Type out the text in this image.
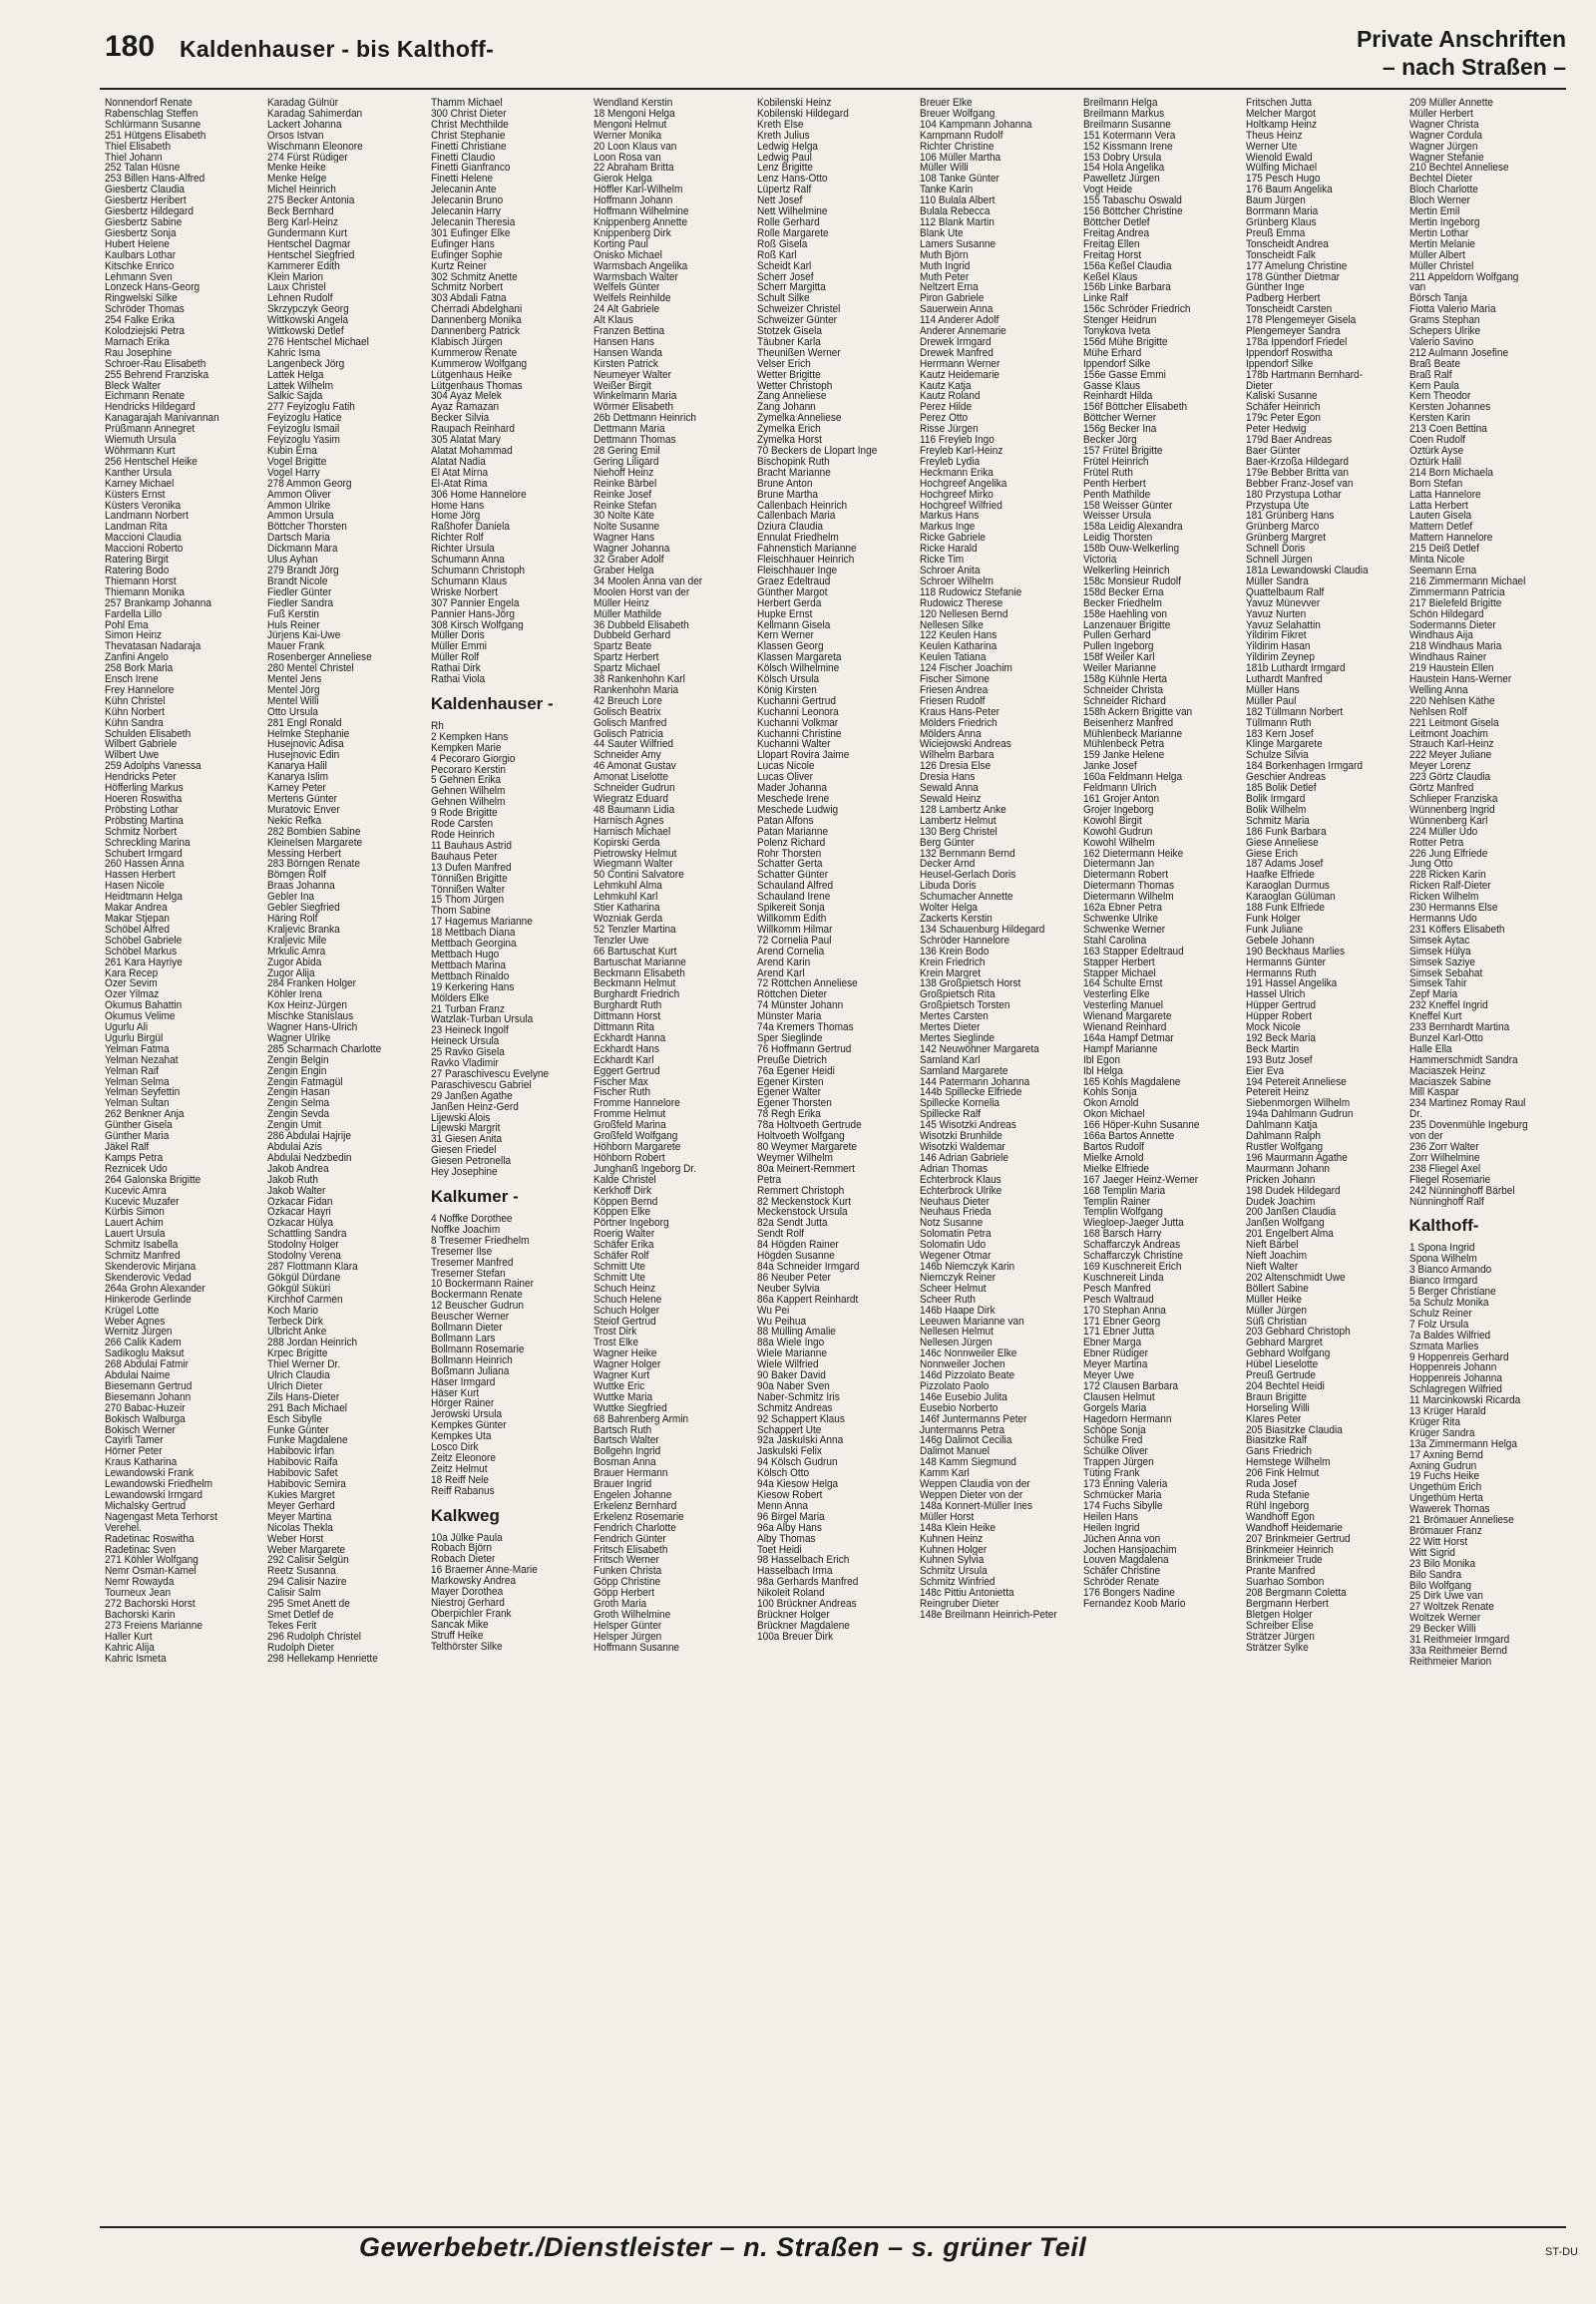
180 Kaldenhauser - bis Kalthoff-	Private Anschriften
– nach Straßen –
Nonnendorf Renate
Rabenschlag Steffen
Schlürmann Susanne
251 Hütgens Elisabeth
Thiel Elisabeth
Thiel Johann
252 Talan Hüsne
253 Billen Hans-Alfred
Giesbertz Claudia
Giesbertz Heribert
Giesbertz Hildegard
Giesbertz Sabine
Giesbertz Sonja
Hubert Helene
Kaulbars Lothar
Kitschke Enrico
Lehmann Sven
Lonzeck Hans-Georg
Ringwelski Silke
Schröder Thomas
254 Falke Erika
Kolodziejski Petra
Marnach Erika
Rau Josephine
Schroer-Rau Elisabeth
255 Behrend Franziska
Bleck Walter
Eichmann Renate
Hendricks Hildegard
Kanagarajah Manivannan
Prüßmann Annegret
Wiemuth Ursula
Wöhrmann Kurt
256 Hentschel Heike
Kanther Ursula
Karney Michael
Küsters Ernst
Küsters Veronika
Landmann Norbert
Landman Rita
Maccioni Claudia
Maccioni Roberto
Ratering Birgit
Ratering Bodo
Thiemann Horst
Thiemann Monika
257 Brankamp Johanna
Fardella Lillo
Pohl Ema
Simon Heinz
Thevatasan Nadaraja
Zanfini Angelo
258 Bork Maria
Ensch Irene
Frey Hannelore
Kühn Christel
Kühn Norbert
Kühn Sandra
Schulden Elisabeth
Wilbert Gabriele
Wilbert Uwe
259 Adolphs Vanessa
Hendricks Peter
Höfferling Markus
Hoeren Roswitha
Pröbsting Lothar
Pröbsting Martina
Schmitz Norbert
Schreckling Marina
Schubert Irmgard
260 Hassen Anna
Hassen Herbert
Hasen Nicole
Heidtmann Helga
Makar Andrea
Makar Stjepan
Schöbel Alfred
Schöbel Gabriele
Schöbel Markus
261 Kara Hayriye
Kara Recep
Özer Sevim
Özer Yilmaz
Okumus Bahattin
Okumus Velime
Ugurlu Ali
Ugurlu Birgül
Yelman Fatma
Yelman Nezahat
Yelman Raif
Yelman Selma
Yelman Seyfettin
Yelman Sultan
262 Benkner Anja
Günther Gisela
Günther Maria
Jäkel Ralf
Kamps Petra
Reznicek Udo
264 Galonska Brigitte
Kucevic Amra
Kucevic Muzafer
Kürbis Simon
Lauert Achim
Lauert Ursula
Schmitz Isabella
Schmitz Manfred
Skenderovic Mirjana
Skenderovic Vedad
264a Grohn Alexander
Hinkerode Gerlinde
Krügel Lotte
Weber Agnes
Wernitz Jürgen
266 Calik Kadem
Sadikoglu Maksut
268 Abdulai Fatmir
Abdulai Naime
Biesemann Gertrud
Biesemann Johann
270 Babac-Huzeir
Bokisch Walburga
Bokisch Werner
Cayirli Tamer
Hörner Peter
Kraus Katharina
Lewandowski Frank
Lewandowski Friedhelm
Lewandowski Irmgard
Michalsky Gertrud
Nagengast Meta Terhorst
Verehel.
Radetinac Roswitha
Radetinac Sven
271 Köhler Wolfgang
Nemr Osman-Kamel
Nemr Rowayda
Tourneux Jean
272 Bachorski Horst
Bachorski Karin
273 Freiens Marianne
Haller Kurt
Kahric Alija
Kahric Ismeta
Karadag Gülnür
Karadag Sahimerdan
Lackert Johanna
Orsos Istvan
Wischmann Eleonore
274 Fürst Rüdiger
Menke Heike
Menke Helge
Michel Heinrich
275 Becker Antonia
Beck Bernhard
Berg Karl-Heinz
Gundermann Kurt
Hentschel Dagmar
Hentschel Siegfried
Kammerer Edith
Klein Marion
Laux Christel
Lehnen Rudolf
Skrzypczyk Georg
Wittkowski Angela
Wittkowski Detlef
276 Hentschel Michael
Kahric Isma
Langenbeck Jörg
Lattek Helga
Lattek Wilhelm
Salkic Sajda
277 Feyizoglu Fatih
Feyizoglu Hatice
Feyizoglu Ismail
Feyizoglu Yasim
Kubin Erna
Vogel Brigitte
Vogel Harry
278 Ammon Georg
Ammon Oliver
Ammon Ulrike
Ammon Ursula
Böttcher Thorsten
Dartsch Maria
Dickmann Mara
Ulus Ayhan
279 Brandt Jörg
Brandt Nicole
Fiedler Günter
Fiedler Sandra
Fuß Kerstin
Huls Reiner
Jürjens Kai-Uwe
Mauer Frank
Rosenberger Anneliese
280 Mentel Christel
Mentel Jens
Mentel Jörg
Mentel Willi
Otto Ursula
281 Engl Ronald
Helmke Stephanie
Husejnovic Adisa
Husejnovic Edin
Kanarya Halil
Kanarya Islim
Karney Peter
Mertens Günter
Muratovic Enver
Nekic Refka
282 Bombien Sabine
Kleinelsen Margarete
Messing Herbert
283 Börngen Renate
Börngen Rolf
Braas Johanna
Gebler Ina
Gebler Siegfried
Häring Rolf
Kraljevic Branka
Kraljevic Mile
Mrkulic Amra
Zugor Abida
Zugor Alija
284 Franken Holger
Köhler Irena
Kox Heinz-Jürgen
Mischke Stanislaus
Wagner Hans-Ulrich
Wagner Ulrike
285 Scharmach Charlotte
Zengin Belgin
Zengin Engin
Zengin Fatmagül
Zengin Hasan
Zengin Selma
Zengin Sevda
Zengin Ümit
286 Abdulai Hajrije
Abdulai Azis
Abdulai Nedzbedin
Jakob Andrea
Jakob Ruth
Jakob Walter
Özkacar Fidan
Özkacar Hayri
Özkacar Hülya
Schattling Sandra
Stodolny Holger
Stodolny Verena
287 Flottmann Klara
Gökgül Dürdane
Gökgül Süküri
Kirchhof Carmen
Koch Mario
Terbeck Dirk
Ulbricht Anke
288 Jordan Heinrich
Krpec Brigitte
Thiel Werner Dr.
Ulrich Claudia
Ulrich Dieter
Zils Hans-Dieter
291 Bach Michael
Esch Sibylle
Funke Günter
Funke Magdalene
Habibovic Irfan
Habibovic Raifa
Habibovic Safet
Habibovic Semira
Kukies Margret
Meyer Gerhard
Meyer Martina
Nicolas Thekla
Weber Horst
Weber Margarete
292 Calisir Selgün
Reetz Susanna
294 Calisir Nazire
Calisir Salm
295 Smet Anett de
Smet Detlef de
Tekes Ferit
296 Rudolph Christel
Rudolph Dieter
298 Hellekamp Henriette
Thamm Michael
300 Christ Dieter
Christ Mechthilde
Christ Stephanie
Finetti Christiane
Finetti Claudio
Finetti Gianfranco
Finetti Helene
Jelecanin Ante
Jelecanin Bruno
Jelecanin Harry
Jelecanin Theresia
301 Eufinger Elke
Eufinger Hans
Eufinger Sophie
Kurtz Reiner
302 Schmitz Anette
Schmitz Norbert
303 Abdali Fatna
Cherradi Abdelghani
Dannenberg Monika
Dannenberg Patrick
Klabisch Jürgen
Kummerow Renate
Kummerow Wolfgang
Lütgenhaus Heike
Lütgenhaus Thomas
304 Ayaz Melek
Ayaz Ramazan
Becker Silvia
Raupach Reinhard
305 Alatat Mary
Alatat Mohammad
Alatat Nadia
El Atat Mirna
El-Atat Rima
306 Home Hannelore
Home Hans
Home Jörg
Raßhofer Daniela
Richter Rolf
Richter Ursula
Schumann Anna
Schumann Christoph
Schumann Klaus
Wriske Norbert
307 Pannier Engela
Pannier Hans-Jörg
308 Kirsch Wolfgang
Müller Doris
Müller Emmi
Müller Rolf
Rathai Dirk
Rathai Viola
Kaldenhauser -
Rh
2 Kempken Hans
Kempken Marie
4 Pecoraro Giorgio
Pecoraro Kerstin
5 Gehnen Erika
Gehnen Wilhelm
Gehnen Wilhelm
9 Rode Brigitte
Rode Carsten
Rode Heinrich
11 Bauhaus Astrid
Bauhaus Peter
13 Dufen Manfred
Tönnißen Brigitte
Tönnißen Walter
15 Thom Jürgen
Thom Sabine
17 Hagemus Marianne
18 Mettbach Diana
Mettbach Georgina
Mettbach Hugo
Mettbach Marina
Mettbach Rinaldo
19 Kerkering Hans
Mölders Elke
21 Turban Franz
Watzlak-Turban Ursula
23 Heineck Ingolf
Heineck Ursula
25 Ravko Gisela
Ravko Vladimir
27 Paraschivescu Evelyne
Paraschivescu Gabriel
29 Janßen Agathe
Janßen Heinz-Gerd
Lijewski Alois
Lijewski Margrit
31 Giesen Anita
Giesen Friedel
Giesen Petronella
Hey Josephine
Kalkumer -
4 Noffke Dorothee
Noffke Joachim
8 Tresemer Friedhelm
Tresemer Ilse
Tresemer Manfred
Tresemer Stefan
10 Bockermann Rainer
Bockermann Renate
12 Beuscher Gudrun
Beuscher Werner
Bollmann Dieter
Bollmann Lars
Bollmann Rosemarie
Bollmann Heinrich
Boßmann Juliana
Häser Irmgard
Häser Kurt
Hörger Rainer
Jerowski Ursula
Kempkes Günter
Kempkes Uta
Losco Dirk
Zeitz Eleonore
Zeitz Helmut
18 Reiff Nele
Reiff Rabanus
Kalkweg
10a Jülke Paula
Robach Björn
Robach Dieter
16 Braemer Anne-Marie
Markowsky Andrea
Mayer Dorothea
Niestroj Gerhard
Oberpichler Frank
Sancak Mike
Struff Heike
Telthörster Silke
Wendland Kerstin
18 Mengoni Helga
Mengoni Helmut
Werner Monika
20 Loon Klaus van
Loon Rosa van
22 Abraham Britta
Gierok Helga
Höffler Karl-Wilhelm
Hoffmann Johann
Hoffmann Wilhelmine
Knippenberg Annette
Knippenberg Dirk
Korting Paul
Onisko Michael
Warmsbach Angelika
Warmsbach Walter
Welfels Günter
Welfels Reinhilde
24 Alt Gabriele
Alt Klaus
Franzen Bettina
Hansen Hans
Hansen Wanda
Kirsten Patrick
Neumeyer Walter
Weißer Birgit
Winkelmann Maria
Wörmer Elisabeth
26b Dettmann Heinrich
Dettmann Maria
Dettmann Thomas
28 Gering Emil
Gering Liligard
Niehoff Heinz
Reinke Bärbel
Reinke Josef
Reinke Stefan
30 Nolte Käte
Nolte Susanne
Wagner Hans
Wagner Johanna
32 Graber Adolf
Graber Helga
34 Moolen Anna van der
Moolen Horst van der
Müller Heinz
Müller Mathilde
36 Dubbeld Elisabeth
Dubbeld Gerhard
Spartz Beate
Spartz Herbert
Spartz Michael
38 Rankenhohn Karl
Rankenhohn Maria
42 Breuch Lore
Golisch Beatrix
Golisch Manfred
Golisch Patricia
44 Sauter Wilfried
Schneider Amy
46 Amonat Gustav
Amonat Liselotte
Schneider Gudrun
Wiegratz Eduard
48 Baumann Lidia
Harnisch Agnes
Harnisch Michael
Kopirski Gerda
Pietrowsky Helmut
Wiegmann Walter
50 Contini Salvatore
Lehmkuhl Alma
Lehmkuhl Karl
Stier Katharina
Wozniak Gerda
52 Tenzler Martina
Tenzler Uwe
66 Bartuschat Kurt
Bartuschat Marianne
Beckmann Elisabeth
Beckmann Helmut
Burghardt Friedrich
Burghardt Ruth
Dittmann Horst
Dittmann Rita
Eckhardt Hanna
Eckhardt Hans
Eckhardt Karl
Eggert Gertrud
Fischer Max
Fischer Ruth
Fromme Hannelore
Fromme Helmut
Großfeld Marina
Großfeld Wolfgang
Höhborn Margarete
Höhborn Robert
Junghanß Ingeborg Dr.
Kalde Christel
Kerkhoff Dirk
Köppen Bernd
Köppen Elke
Pörtner Ingeborg
Roerig Walter
Schäfer Erika
Schäfer Rolf
Schmitt Ute
Schmitt Ute
Schuch Heinz
Schuch Helene
Schuch Holger
Steiof Gertrud
Trost Dirk
Trost Elke
Wagner Heike
Wagner Holger
Wagner Kurt
Wuttke Eric
Wuttke Maria
Wuttke Siegfried
68 Bahrenberg Armin
Bartsch Ruth
Bartsch Walter
Bollgehn Ingrid
Bosman Anna
Brauer Hermann
Brauer Ingrid
Engelen Johanne
Erkelenz Bernhard
Erkelenz Rosemarie
Fendrich Charlotte
Fendrich Günter
Fritsch Elisabeth
Fritsch Werner
Funken Christa
Göpp Christine
Göpp Herbert
Groth Maria
Groth Wilhelmine
Helsper Günter
Helsper Jürgen
Hoffmann Susanne
Kobilenski Heinz
Kobilenski Hildegard
Kreth Else
Kreth Julius
Ledwig Helga
Ledwig Paul
Lenz Brigitte
Lenz Hans-Otto
Lüpertz Ralf
Nett Josef
Nett Wilhelmine
Rolle Gerhard
Rolle Margarete
Roß Gisela
Roß Karl
Scheidt Karl
Scherr Josef
Scherr Margitta
Schult Silke
Schweizer Christel
Schweizer Günter
Stotzek Gisela
Täubner Karla
Theunißen Werner
Velser Erich
Wetter Brigitte
Wetter Christoph
Zang Anneliese
Zang Johann
Zymelka Anneliese
Zymelka Erich
Zymelka Horst
70 Beckers de Llopart Inge
Bischopink Ruth
Bracht Marianne
Brune Anton
Brune Martha
Callenbach Heinrich
Callenbach Maria
Dziura Claudia
Ennulat Friedhelm
Fahnenstich Marianne
Fleischhauer Heinrich
Fleischhauer Inge
Graez Edeltraud
Günther Margot
Herbert Gerda
Hupke Ernst
Kellmann Gisela
Kern Werner
Klassen Georg
Klassen Margareta
Kölsch Wilhelmine
Kölsch Ursula
König Kirsten
Kuchanni Gertrud
Kuchanni Leonora
Kuchanni Volkmar
Kuchanni Christine
Kuchanni Walter
Llopart Rovira Jaime
Lucas Nicole
Lucas Oliver
Mader Johanna
Meschede Irene
Meschede Ludwig
Patan Alfons
Patan Marianne
Polenz Richard
Rohr Thorsten
Schatter Gerta
Schatter Günter
Schauland Alfred
Schauland Irene
Spikereit Sonja
Willkomm Edith
Willkomm Hilmar
72 Cornelia Paul
Arend Cornelia
Arend Karin
Arend Karl
72 Röttchen Anneliese
Röttchen Dieter
74 Münster Johann
Münster Maria
74a Kremers Thomas
Sper Sieglinde
76 Hoffmann Gertrud
Preuße Dietrich
76a Egener Heidi
Egener Kirsten
Egener Walter
Egener Thorsten
78 Regh Erika
78a Holtvoeth Gertrude
Holtvoeth Wolfgang
80 Weymer Margarete
Weymer Wilhelm
80a Meinert-Remmert
Petra
Remmert Christoph
82 Meckenstock Kurt
Meckenstock Ursula
82a Sendt Jutta
Sendt Rolf
84 Högden Rainer
Högden Susanne
84a Schneider Irmgard
86 Neuber Peter
Neuber Sylvia
86a Kappert Reinhardt
Wu Pei
Wu Peihua
88 Mülling Amalie
88a Wiele Ingo
Wiele Marianne
Wiele Wilfried
90 Baker David
90a Naber Sven
Naber-Schmitz Iris
Schmitz Andreas
92 Schappert Klaus
Schappert Ute
92a Jaskulski Anna
Jaskulski Felix
94 Kölsch Gudrun
Kölsch Otto
94a Kiesow Helga
Kiesow Robert
Menn Anna
96 Birgel Maria
96a Alby Hans
Alby Thomas
Toet Heidi
98 Hasselbach Erich
Hasselbach Irma
98a Gerhards Manfred
Nikoleit Roland
100 Brückner Andreas
Brückner Holger
Brückner Magdalene
100a Breuer Dirk
Breuer Elke
Breuer Wolfgang
104 Kampmann Johanna
Kampmann Rudolf
Richter Christine
106 Müller Martha
Müller Willi
108 Tanke Günter
Tanke Karin
110 Bulala Albert
Bulala Rebecca
112 Blank Martin
Blank Ute
Lamers Susanne
Muth Björn
Muth Ingrid
Muth Peter
Neltzert Erna
Piron Gabriele
Sauerwein Anna
114 Anderer Adolf
Anderer Annemarie
Drewek Irmgard
Drewek Manfred
Herrmann Werner
Kautz Heidemarie
Kautz Katja
Kautz Roland
Perez Hilde
Perez Otto
Risse Jürgen
116 Freyleb Ingo
Freyleb Karl-Heinz
Freyleb Lydia
Heckmann Erika
Hochgreef Angelika
Hochgreef Mirko
Hochgreef Wilfried
Markus Hans
Markus Inge
Ricke Gabriele
Ricke Harald
Ricke Tim
Schroer Anita
Schroer Wilhelm
118 Rudowicz Stefanie
Rudowicz Therese
120 Nellesen Bernd
Nellesen Silke
122 Keulen Hans
Keulen Katharina
Keulen Tatiana
124 Fischer Joachim
Fischer Simone
Friesen Andrea
Friesen Rudolf
Kraus Hans-Peter
Mölders Friedrich
Mölders Anna
Wiciejowski Andreas
Wilhelm Barbara
126 Dresia Else
Dresia Hans
Sewald Anna
Sewald Heinz
128 Lambertz Anke
Lambertz Helmut
130 Berg Christel
Berg Günter
132 Bernmann Bernd
Decker Arnd
Heusel-Gerlach Doris
Libuda Doris
Schumacher Annette
Wolter Helga
Zackerts Kerstin
134 Schauenburg Hildegard
Schröder Hannelore
136 Krein Bodo
Krein Friedrich
Krein Margret
138 Großpietsch Horst
Großpietsch Rita
Großpietsch Torsten
Mertes Carsten
Mertes Dieter
Mertes Sieglinde
142 Neuwöhner Margareta
Samland Karl
Samland Margarete
144 Patermann Johanna
144b Spillecke Elfriede
Spillecke Kornelia
Spillecke Ralf
145 Wisotzki Andreas
Wisotzki Brunhilde
Wisotzki Waldemar
146 Adrian Gabriele
Adrian Thomas
Echterbrock Klaus
Echterbrock Ulrike
Neuhaus Dieter
Neuhaus Frieda
Notz Susanne
Solomatin Petra
Solomatin Udo
Wegener Otmar
146b Niemczyk Karin
Niemczyk Reiner
Scheer Helmut
Scheer Ruth
146b Haape Dirk
Leeuwen Marianne van
Nellesen Helmut
Nellesen Jürgen
146c Nonnweiler Elke
Nonnweiler Jochen
146d Pizzolato Beate
Pizzolato Paolo
146e Eusebio Julita
Eusebio Norberto
146f Juntermanns Peter
Juntermanns Petra
146g Dalimot Cecilia
Dalimot Manuel
148 Kamm Siegmund
Kamm Karl
Weppen Claudia von der
Weppen Dieter von der
148a Konnert-Müller Ines
Müller Horst
148a Klein Heike
Kuhnen Heinz
Kuhnen Holger
Kuhnen Sylvia
Schmitz Ursula
Schmitz Winfried
148c Pittiu Antonietta
Reingruber Dieter
148e Breilmann Heinrich-Peter
Breilmann Helga
Breilmann Markus
Breilmann Susanne
151 Kotermann Vera
152 Kissmann Irene
153 Dobry Ursula
154 Hola Angelika
Pawelletz Jürgen
Vogt Heide
155 Tabaschu Oswald
156 Böttcher Christine
Böttcher Detlef
Freitag Andrea
Freitag Ellen
Freitag Horst
156a Keßel Claudia
Keßel Klaus
156b Linke Barbara
Linke Ralf
156c Schröder Friedrich
Stenger Heidrun
Tonykova Iveta
156d Mühe Brigitte
Mühe Erhard
Ippendorf Silke
156e Gasse Emmi
Gasse Klaus
Reinhardt Hilda
156f Böttcher Elisabeth
Böttcher Werner
156g Becker Ina
Becker Jörg
157 Frütel Brigitte
Frütel Heinrich
Frütel Ruth
Penth Herbert
Penth Mathilde
158 Weisser Günter
Weisser Ursula
158a Leidig Alexandra
Leidig Thorsten
158b Ouw-Welkerling
Victoria
Welkerling Heinrich
158c Monsieur Rudolf
158d Becker Erna
Becker Friedhelm
158e Haehling von
Lanzenauer Brigitte
Pullen Gerhard
Pullen Ingeborg
158f Weiler Karl
Weiler Marianne
158g Kühnle Herta
Schneider Christa
Schneider Richard
158h Ackern Brigitte van
Beisenherz Manfred
Mühlenbeck Marianne
Mühlenbeck Petra
159 Janke Helene
Janke Josef
160a Feldmann Helga
Feldmann Ulrich
161 Grojer Anton
Grojer Ingeborg
Kowohl Birgit
Kowohl Gudrun
Kowohl Wilhelm
162 Dietermann Heike
Dietermann Jan
Dietermann Robert
Dietermann Thomas
Dietermann Wilhelm
162a Ebner Petra
Schwenke Ulrike
Schwenke Werner
Stahl Carolina
163 Stapper Edeltraud
Stapper Herbert
Stapper Michael
164 Schulte Ernst
Vesterling Elke
Vesterling Manuel
Wienand Margarete
Wienand Reinhard
164a Hampf Detmar
Hampf Marianne
Ibl Egon
Ibl Helga
165 Kohls Magdalene
Kohls Sonja
Okon Arnold
Okon Michael
166 Höper-Kuhn Susanne
166a Bartos Annette
Bartos Rudolf
Mielke Arnold
Mielke Elfriede
167 Jaeger Heinz-Werner
168 Templin Maria
Templin Rainer
Templin Wolfgang
Wiegloep-Jaeger Jutta
168 Barsch Harry
Schaffarczyk Andreas
Schaffarczyk Christine
169 Kuschnereit Erich
Kuschnereit Linda
Pesch Manfred
Pesch Waltraud
170 Stephan Anna
171 Ebner Georg
171 Ebner Jutta
Ebner Marga
Ebner Rüdiger
Meyer Martina
Meyer Uwe
172 Clausen Barbara
Clausen Helmut
Gorgels Maria
Hagedorn Hermann
Schöpe Sonja
Schülke Fred
Schülke Oliver
Trappen Jürgen
Tüting Frank
173 Enning Valeria
Schmücker Maria
174 Fuchs Sibylle
Heilen Hans
Heilen Ingrid
Jüchen Anna von
Jochen Hansjoachim
Louven Magdalena
Schäfer Christine
Schröder Renate
176 Bongers Nadine
Fernandez Koob Mario
Fritschen Jutta
Melcher Margot
Holtkamp Heinz
Theus Heinz
Werner Ute
Wienold Ewald
Wülfing Michael
175 Pesch Hugo
176 Baum Angelika
Baum Jürgen
Borrmann Maria
Grünberg Klaus
Preuß Emma
Tonscheidt Andrea
Tonscheidt Falk
177 Amelung Christine
178 Günther Dietmar
Günther Inge
Padberg Herbert
Tonscheidt Carsten
178 Plengemeyer Gisela
Plengemeyer Sandra
178a Ippendorf Friedel
Ippendorf Roswitha
Ippendorf Silke
178b Hartmann Bernhard-
Dieter
Kaliski Susanne
Schäfer Heinrich
179c Peter Egon
Peter Hedwig
179d Baer Andreas
Baer Günter
Baer-Krzoßa Hildegard
179e Bebber Britta van
Bebber Franz-Josef van
180 Przystupa Lothar
Przystupa Ute
181 Grünberg Hans
Grünberg Marco
Grünberg Margret
Schnell Doris
Schnell Jürgen
181a Lewandowski Claudia
Müller Sandra
Quattelbaum Ralf
Yavuz Münevver
Yavuz Nurten
Yavuz Selahattin
Yildirim Fikret
Yildirim Hasan
Yildirim Zeynep
181b Luthardt Irmgard
Luthardt Manfred
Müller Hans
Müller Paul
182 Tüllmann Norbert
Tüllmann Ruth
183 Kern Josef
Klinge Margarete
Schulze Silvia
184 Borkenhagen Irmgard
Geschier Andreas
185 Bolik Detlef
Bolik Irmgard
Bolik Wilhelm
Schmitz Maria
186 Funk Barbara
Giese Anneliese
Giese Erich
187 Adams Josef
Haafke Elfriede
Karaoglan Durmus
Karaoglan Gülüman
188 Funk Elfriede
Funk Holger
Funk Juliane
Gebele Johann
190 Beckhaus Marlies
Hermanns Günter
Hermanns Ruth
191 Hassel Angelika
Hassel Ulrich
Hüpper Gertrud
Hüpper Robert
Mock Nicole
192 Beck Maria
Beck Martin
193 Butz Josef
Eier Eva
194 Petereit Anneliese
Petereit Heinz
Siebenmorgen Wilhelm
194a Dahlmann Gudrun
Dahlmann Katja
Dahlmann Ralph
Rustler Wolfgang
196 Maurmann Agathe
Maurmann Johann
Pricken Johann
198 Dudek Hildegard
Dudek Joachim
200 Janßen Claudia
Janßen Wolfgang
201 Engelbert Alma
Nieft Bärbel
Nieft Joachim
Nieft Walter
202 Altenschmidt Uwe
Böllert Sabine
Müller Heike
Müller Jürgen
Süß Christian
203 Gebhard Christoph
Gebhard Margret
Gebhard Wolfgang
Hübel Lieselotte
Preuß Gertrude
204 Bechtel Heidi
Braun Brigitte
Horseling Willi
Klares Peter
205 Biasitzke Claudia
Biasitzke Ralf
Gans Friedrich
Hemstege Wilhelm
206 Fink Helmut
Ruda Josef
Ruda Stefanie
Rühl Ingeborg
Wandhoff Egon
Wandhoff Heidemarie
207 Brinkmeier Gertrud
Brinkmeier Heinrich
Brinkmeier Trude
Prante Manfred
Suarhao Sombon
208 Bergmann Coletta
Bergmann Herbert
Bletgen Holger
Schreiber Elise
Strätzer Jürgen
Strätzer Sylke
209 Müller Annette
Müller Herbert
Wagner Christa
Wagner Cordula
Wagner Jürgen
Wagner Stefanie
210 Bechtel Anneliese
Bechtel Dieter
Bloch Charlotte
Bloch Werner
Mertin Emil
Mertin Ingeborg
Mertin Lothar
Mertin Melanie
Müller Albert
Müller Christel
211 Appeldorn Wolfgang
van
Börsch Tanja
Fiotta Valerio Maria
Grams Stephan
Schepers Ulrike
Valerio Savino
212 Aulmann Josefine
Braß Beate
Braß Ralf
Kern Paula
Kern Theodor
Kersten Johannes
Kersten Karin
213 Coen Bettina
Coen Rudolf
Öztürk Ayse
Öztürk Halil
214 Born Michaela
Born Stefan
Latta Hannelore
Latta Herbert
Lauten Gisela
Mattern Detlef
Mattern Hannelore
215 Deiß Detlef
Minta Nicole
Seemann Erna
216 Zimmermann Michael
Zimmermann Patricia
217 Bielefeld Brigitte
Schön Hildegard
Sodermanns Dieter
Windhaus Aija
218 Windhaus Maria
Windhaus Rainer
219 Haustein Ellen
Haustein Hans-Werner
Welling Anna
220 Nehlsen Käthe
Nehlsen Rolf
221 Leitmont Gisela
Leitmont Joachim
Strauch Karl-Heinz
222 Meyer Juliane
Meyer Lorenz
223 Görtz Claudia
Görtz Manfred
Schlieper Franziska
Wünnenberg Ingrid
Wünnenberg Karl
224 Müller Udo
Rotter Petra
226 Jung Elfriede
Jung Otto
228 Ricken Karin
Ricken Ralf-Dieter
Ricken Wilhelm
230 Hermanns Else
Hermanns Udo
231 Köffers Elisabeth
Simsek Aytac
Simsek Hülya
Simsek Saziye
Simsek Sebahat
Simsek Tahir
Zepf Maria
232 Kneffel Ingrid
Kneffel Kurt
233 Bernhardt Martina
Bunzel Karl-Otto
Halle Ella
Hammerschmidt Sandra
Maciaszek Heinz
Maciaszek Sabine
Mill Kaspar
234 Martinez Romay Raul
Dr.
235 Dovenmühle Ingeburg
von der
236 Zorr Walter
Zorr Wilhelmine
238 Fliegel Axel
Fliegel Rosemarie
242 Nünninghoff Bärbel
Nünninghoff Ralf
Kalthoff-
1 Spona Ingrid
Spona Wilhelm
3 Bianco Armando
Bianco Irmgard
5 Berger Christiane
5a Schulz Monika
Schulz Reiner
7 Folz Ursula
7a Baldes Wilfried
Szmata Marlies
9 Hoppenreis Gerhard
Hoppenreis Johann
Hoppenreis Johanna
Schlagregen Wilfried
11 Marcinkowski Ricarda
13 Krüger Harald
Krüger Rita
Krüger Sandra
13a Zimmermann Helga
17 Axning Bernd
Axning Gudrun
19 Fuchs Heike
Ungethüm Erich
Ungethüm Herta
Wawerek Thomas
21 Brömauer Anneliese
Brömauer Franz
22 Witt Horst
Witt Sigrid
23 Bilo Monika
Bilo Sandra
Bilo Wolfgang
25 Dirk Uwe van
27 Woltzek Renate
Woltzek Werner
29 Becker Willi
31 Reithmeier Irmgard
33a Reithmeier Bernd
Reithmeier Marion
Gewerbebetr./Dienstleister – n. Straßen – s. grüner Teil	ST-DU
